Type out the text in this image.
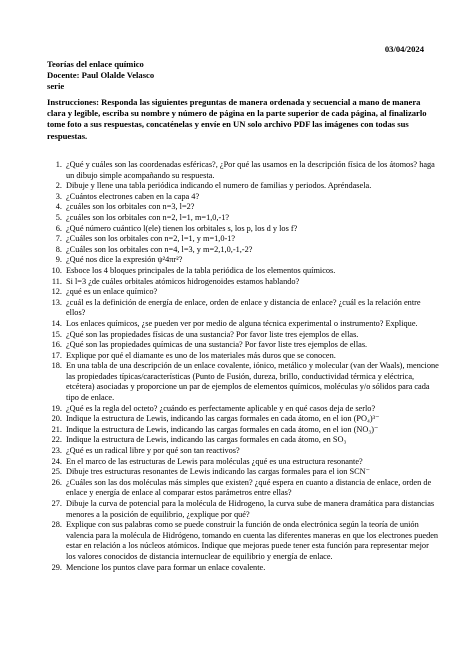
03/04/2024
Teorías del enlace químico
Docente: Paul Olalde Velasco
serie
Instrucciones: Responda las siguientes preguntas de manera ordenada y secuencial a mano de manera clara y legible, escriba su nombre y número de página en la parte superior de cada página, al finalizarlo tome foto a sus respuestas, concaténelas y envíe en UN solo archivo PDF las imágenes con todas sus respuestas.
1. ¿Qué y cuáles son las coordenadas esféricas?, ¿Por qué las usamos en la descripción física de los átomos? haga un dibujo simple acompañando su respuesta.
2. Dibuje y llene una tabla periódica indicando el numero de familias y periodos. Apréndasela.
3. ¿Cuántos electrones caben en la capa 4?
4. ¿cuáles son los orbitales con n=3, l=2?
5. ¿cuáles son los orbitales con n=2, l=1, m=1,0,-1?
6. ¿Qué número cuántico l(ele) tienen los orbitales s, los p, los d y los f?
7. ¿Cuáles son los orbitales con n=2, l=1, y m=1,0-1?
8. ¿Cuáles son los orbitales con n=4, l=3, y m=2,1,0,-1,-2?
9. ¿Qué nos dice la expresión ψ²4πr²?
10. Esboce los 4 bloques principales de la tabla periódica de los elementos químicos.
11. Si l=3 ¿de cuáles orbitales atómicos hidrogenoides estamos hablando?
12. ¿qué es un enlace químico?
13. ¿cuál es la definición de energía de enlace, orden de enlace y distancia de enlace? ¿cuál es la relación entre ellos?
14. Los enlaces químicos, ¿se pueden ver por medio de alguna técnica experimental o instrumento? Explique.
15. ¿Qué son las propiedades físicas de una sustancia? Por favor liste tres ejemplos de ellas.
16. ¿Qué son las propiedades químicas de una sustancia? Por favor liste tres ejemplos de ellas.
17. Explique por qué el diamante es uno de los materiales más duros que se conocen.
18. En una tabla de una descripción de un enlace covalente, iónico, metálico y molecular (van der Waals), mencione las propiedades típicas/características (Punto de Fusión, dureza, brillo, conductividad térmica y eléctrica, etcétera) asociadas y proporcione un par de ejemplos de elementos químicos, moléculas y/o sólidos para cada tipo de enlace.
19. ¿Qué es la regla del octeto? ¿cuándo es perfectamente aplicable y en qué casos deja de serlo?
20. Indique la estructura de Lewis, indicando las cargas formales en cada átomo, en el ion (PO₄)³⁻
21. Indique la estructura de Lewis, indicando las cargas formales en cada átomo, en el ion (NO₃)⁻
22. Indique la estructura de Lewis, indicando las cargas formales en cada átomo, en SO₃
23. ¿Qué es un radical libre y por qué son tan reactivos?
24. En el marco de las estructuras de Lewis para moléculas ¿qué es una estructura resonante?
25. Dibuje tres estructuras resonantes de Lewis indicando las cargas formales para el ion SCN⁻
26. ¿Cuáles son las dos moléculas más simples que existen? ¿qué espera en cuanto a distancia de enlace, orden de enlace y energía de enlace al comparar estos parámetros entre ellas?
27. Dibuje la curva de potencial para la molécula de Hidrogeno, la curva sube de manera dramática para distancias menores a la posición de equilibrio, ¿explique por qué?
28. Explique con sus palabras como se puede construir la función de onda electrónica según la teoría de unión valencia para la molécula de Hidrógeno, tomando en cuenta las diferentes maneras en que los electrones pueden estar en relación a los núcleos atómicos. Indique que mejoras puede tener esta función para representar mejor los valores conocidos de distancia internuclear de equilibrio y energía de enlace.
29. Mencione los puntos clave para formar un enlace covalente.
